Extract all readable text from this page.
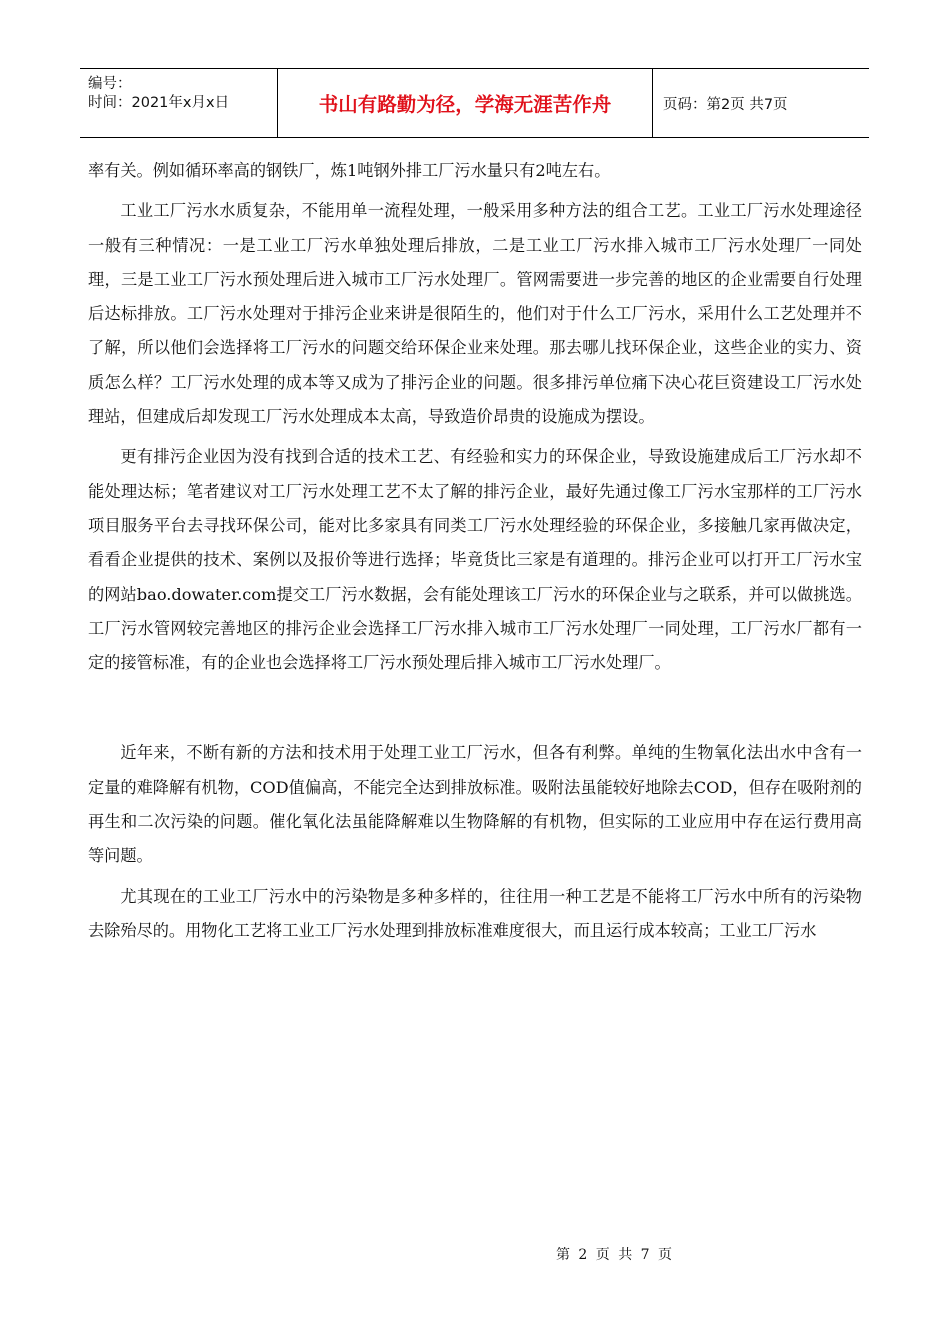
编号：
时间：2021年x月x日	书山有路勤为径，学海无涯苦作舟	页码：第2页 共7页

率有关。例如循环率高的钢铁厂，炼1吨钢外排工厂污水量只有2吨左右。

工业工厂污水水质复杂，不能用单一流程处理，一般采用多种方法的组合工艺。工业工厂污水处理途径一般有三种情况：一是工业工厂污水单独处理后排放，二是工业工厂污水排入城市工厂污水处理厂一同处理，三是工业工厂污水预处理后进入城市工厂污水处理厂。管网需要进一步完善的地区的企业需要自行处理后达标排放。工厂污水处理对于排污企业来讲是很陌生的，他们对于什么工厂污水，采用什么工艺处理并不了解，所以他们会选择将工厂污水的问题交给环保企业来处理。那去哪儿找环保企业，这些企业的实力、资质怎么样？工厂污水处理的成本等又成为了排污企业的问题。很多排污单位痛下决心花巨资建设工厂污水处理站，但建成后却发现工厂污水处理成本太高，导致造价昂贵的设施成为摆设。

更有排污企业因为没有找到合适的技术工艺、有经验和实力的环保企业，导致设施建成后工厂污水却不能处理达标；笔者建议对工厂污水处理工艺不太了解的排污企业，最好先通过像工厂污水宝那样的工厂污水项目服务平台去寻找环保公司，能对比多家具有同类工厂污水处理经验的环保企业，多接触几家再做决定，看看企业提供的技术、案例以及报价等进行选择；毕竟货比三家是有道理的。排污企业可以打开工厂污水宝的网站bao.dowater.com提交工厂污水数据，会有能处理该工厂污水的环保企业与之联系，并可以做挑选。工厂污水管网较完善地区的排污企业会选择工厂污水排入城市工厂污水处理厂一同处理，工厂污水厂都有一定的接管标准，有的企业也会选择将工厂污水预处理后排入城市工厂污水处理厂。

近年来，不断有新的方法和技术用于处理工业工厂污水，但各有利弊。单纯的生物氧化法出水中含有一定量的难降解有机物，COD值偏高，不能完全达到排放标准。吸附法虽能较好地除去COD，但存在吸附剂的再生和二次污染的问题。催化氧化法虽能降解难以生物降解的有机物，但实际的工业应用中存在运行费用高等问题。

尤其现在的工业工厂污水中的污染物是多种多样的，往往用一种工艺是不能将工厂污水中所有的污染物去除殆尽的。用物化工艺将工业工厂污水处理到排放标准难度很大，而且运行成本较高；工业工厂污水

第 2 页 共 7 页
